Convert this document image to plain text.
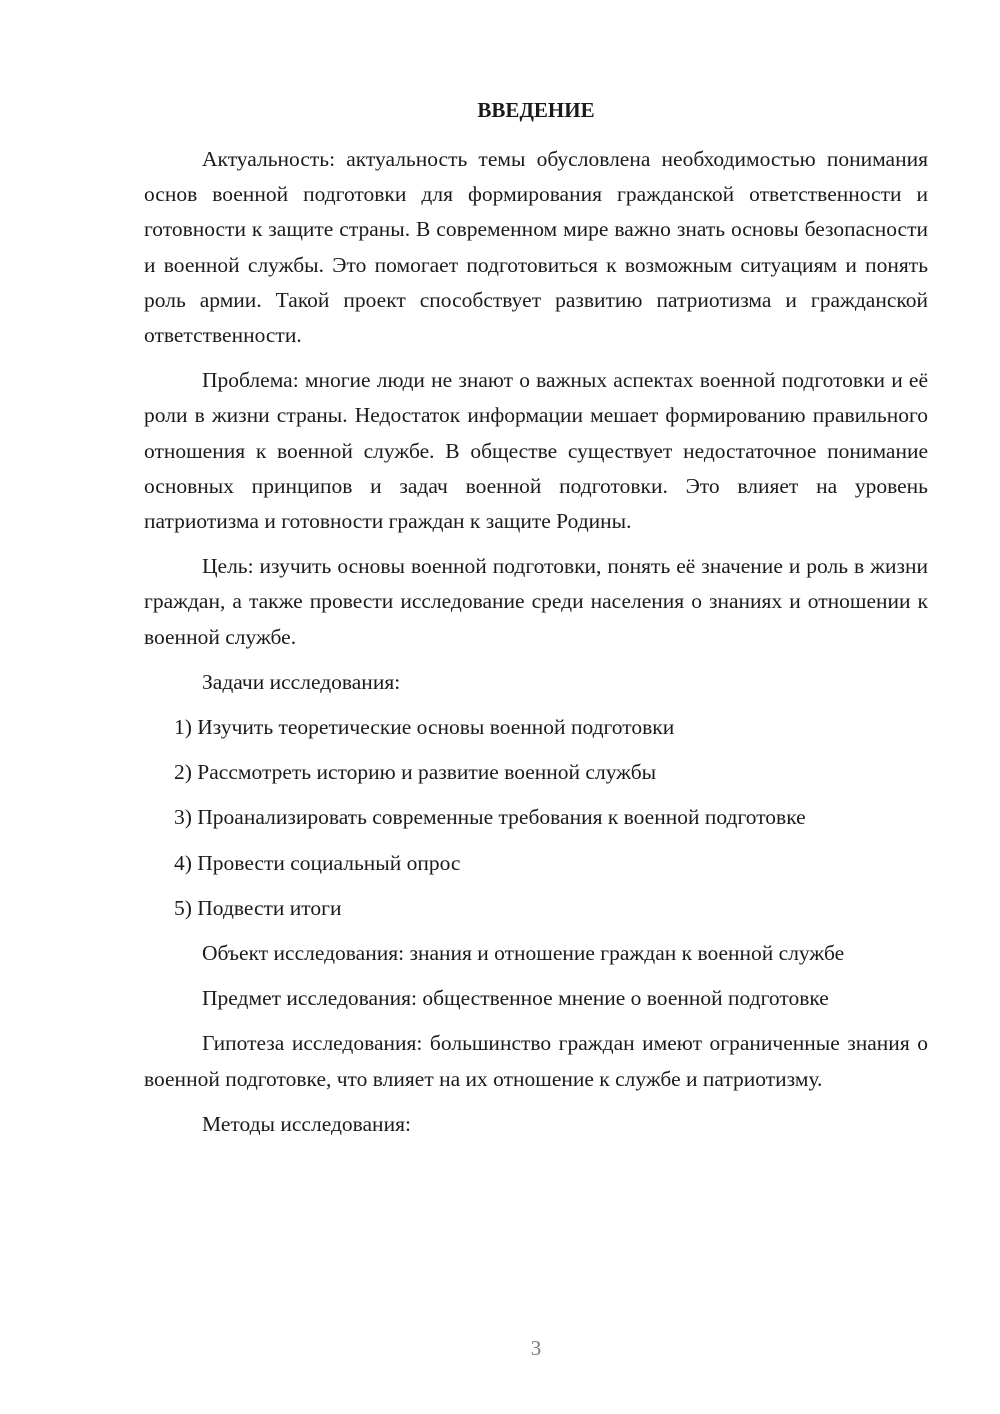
ВВЕДЕНИЕ

Актуальность: актуальность темы обусловлена необходимостью понимания основ военной подготовки для формирования гражданской ответственности и готовности к защите страны. В современном мире важно знать основы безопасности и военной службы. Это помогает подготовиться к возможным ситуациям и понять роль армии. Такой проект способствует развитию патриотизма и гражданской ответственности.

Проблема: многие люди не знают о важных аспектах военной подготовки и её роли в жизни страны. Недостаток информации мешает формированию правильного отношения к военной службе. В обществе существует недостаточное понимание основных принципов и задач военной подготовки. Это влияет на уровень патриотизма и готовности граждан к защите Родины.

Цель: изучить основы военной подготовки, понять её значение и роль в жизни граждан, а также провести исследование среди населения о знаниях и отношении к военной службе.

Задачи исследования:

1) Изучить теоретические основы военной подготовки
2) Рассмотреть историю и развитие военной службы
3) Проанализировать современные требования к военной подготовке
4) Провести социальный опрос
5) Подвести итоги

Объект исследования: знания и отношение граждан к военной службе

Предмет исследования: общественное мнение о военной подготовке

Гипотеза исследования: большинство граждан имеют ограниченные знания о военной подготовке, что влияет на их отношение к службе и патриотизму.

Методы исследования:

3
